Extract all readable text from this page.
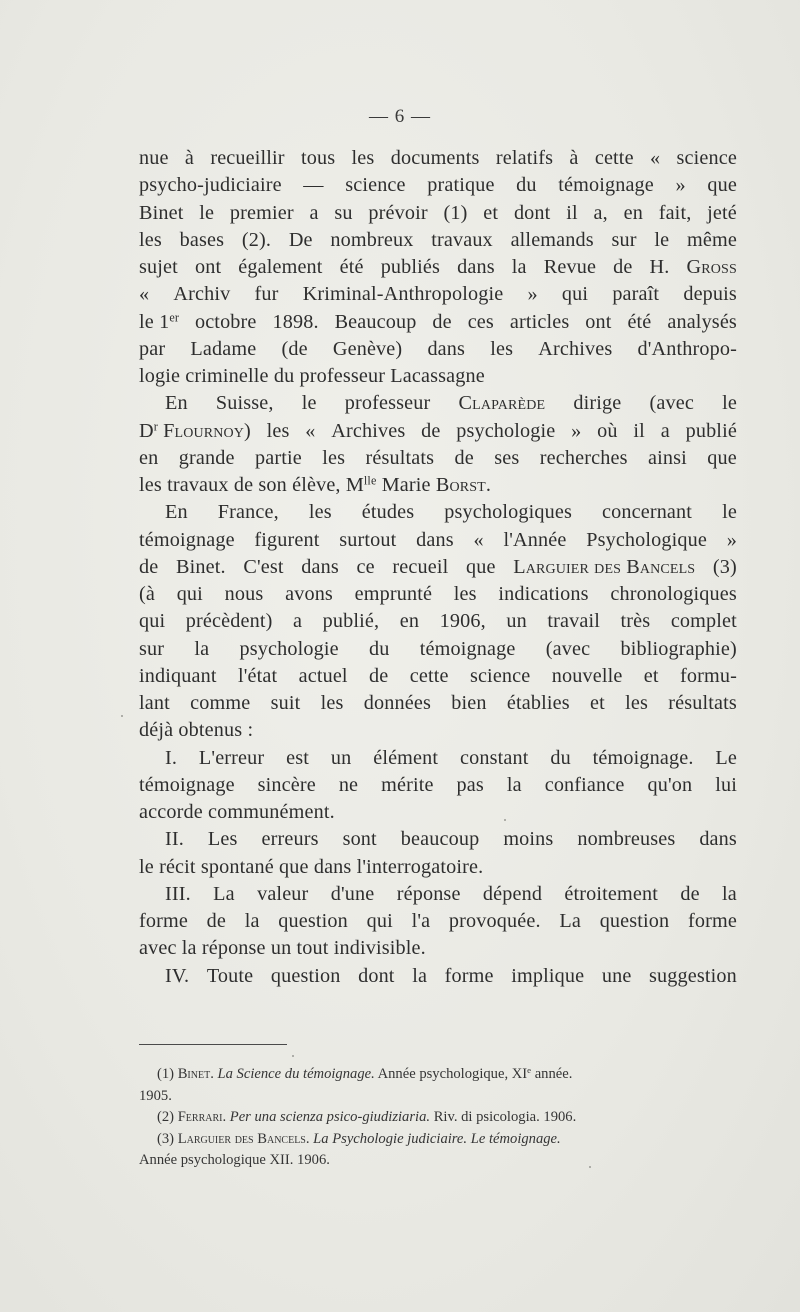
— 6 —
nue à recueillir tous les documents relatifs à cette « science
psycho-judiciaire — science pratique du témoignage » que
Binet le premier a su prévoir (1) et dont il a, en fait, jeté
les bases (2). De nombreux travaux allemands sur le même
sujet ont également été publiés dans la Revue de H. Gross
« Archiv fur Kriminal-Anthropologie » qui paraît depuis
le 1er octobre 1898. Beaucoup de ces articles ont été analysés
par Ladame (de Genève) dans les Archives d'Anthropo-
logie criminelle du professeur Lacassagne
En Suisse, le professeur Claparède dirige (avec le
$D^r$ Flournoy) les « Archives de psychologie » où il a publié
en grande partie les résultats de ses recherches ainsi que
les travaux de son élève, $M^{lle}$ Marie Borst.
En France, les études psychologiques concernant le
témoignage figurent surtout dans « l'Année Psychologique »
de Binet. C'est dans ce recueil que Larguier des Bancels (3)
(à qui nous avons emprunté les indications chronologiques
qui précèdent) a publié, en 1906, un travail très complet
sur la psychologie du témoignage (avec bibliographie)
indiquant l'état actuel de cette science nouvelle et formu-
lant comme suit les données bien établies et les résultats
déjà obtenus :
I. L'erreur est un élément constant du témoignage. Le
témoignage sincère ne mérite pas la confiance qu'on lui
accorde communément.
II. Les erreurs sont beaucoup moins nombreuses dans
le récit spontané que dans l'interrogatoire.
III. La valeur d'une réponse dépend étroitement de la
forme de la question qui l'a provoquée. La question forme
avec la réponse un tout indivisible.
IV. Toute question dont la forme implique une suggestion
(1) Binet. La Science du témoignage. Année psychologique, XIe année.
1905.
(2) Ferrari. Per una scienza psico-giudiziaria. Riv. di psicologia. 1906.
(3) Larguier des Bancels. La Psychologie judiciaire. Le témoignage.
Année psychologique XII. 1906.
